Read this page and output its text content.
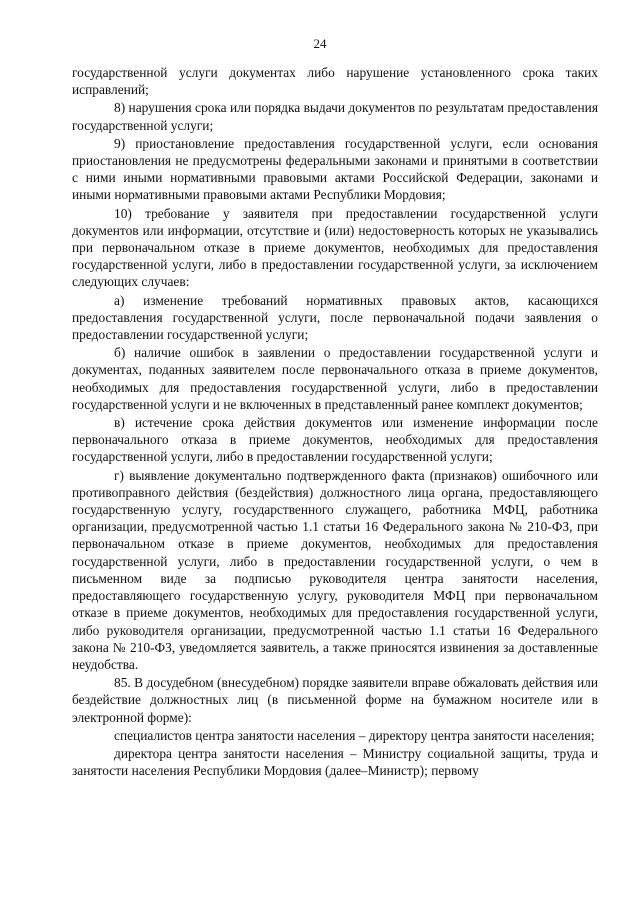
24

государственной услуги документах либо нарушение установленного срока таких исправлений;

8) нарушения срока или порядка выдачи документов по результатам предоставления государственной услуги;

9) приостановление предоставления государственной услуги, если основания приостановления не предусмотрены федеральными законами и принятыми в соответствии с ними иными нормативными правовыми актами Российской Федерации, законами и иными нормативными правовыми актами Республики Мордовия;

10) требование у заявителя при предоставлении государственной услуги документов или информации, отсутствие и (или) недостоверность которых не указывались при первоначальном отказе в приеме документов, необходимых для предоставления государственной услуги, либо в предоставлении государственной услуги, за исключением следующих случаев:

а) изменение требований нормативных правовых актов, касающихся предоставления государственной услуги, после первоначальной подачи заявления о предоставлении государственной услуги;

б) наличие ошибок в заявлении о предоставлении государственной услуги и документах, поданных заявителем после первоначального отказа в приеме документов, необходимых для предоставления государственной услуги, либо в предоставлении государственной услуги и не включенных в представленный ранее комплект документов;

в) истечение срока действия документов или изменение информации после первоначального отказа в приеме документов, необходимых для предоставления государственной услуги, либо в предоставлении государственной услуги;

г) выявление документально подтвержденного факта (признаков) ошибочного или противоправного действия (бездействия) должностного лица органа, предоставляющего государственную услугу, государственного служащего, работника МФЦ, работника организации, предусмотренной частью 1.1 статьи 16 Федерального закона № 210-ФЗ, при первоначальном отказе в приеме документов, необходимых для предоставления государственной услуги, либо в предоставлении государственной услуги, о чем в письменном виде за подписью руководителя центра занятости населения, предоставляющего государственную услугу, руководителя МФЦ при первоначальном отказе в приеме документов, необходимых для предоставления государственной услуги, либо руководителя организации, предусмотренной частью 1.1 статьи 16 Федерального закона № 210-ФЗ, уведомляется заявитель, а также приносятся извинения за доставленные неудобства.

85. В досудебном (внесудебном) порядке заявители вправе обжаловать действия или бездействие должностных лиц (в письменной форме на бумажном носителе или в электронной форме):

специалистов центра занятости населения – директору центра занятости населения;

директора центра занятости населения – Министру социальной защиты, труда и занятости населения Республики Мордовия (далее–Министр); первому
